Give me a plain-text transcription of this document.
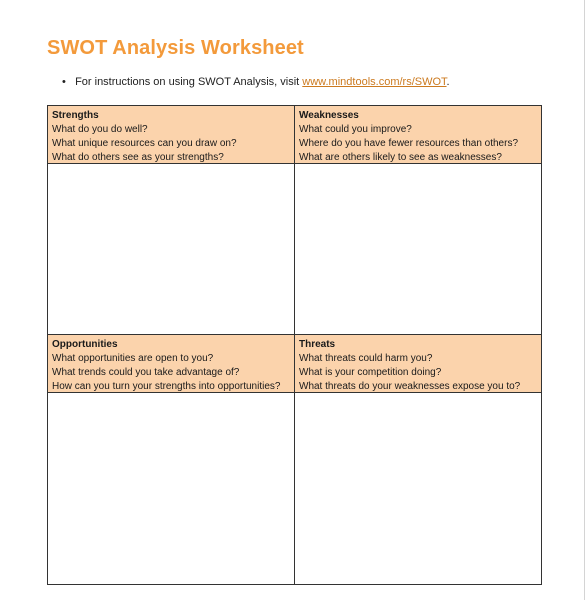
SWOT Analysis Worksheet
• For instructions on using SWOT Analysis, visit www.mindtools.com/rs/SWOT.
Strengths
What do you do well?
What unique resources can you draw on?
What do others see as your strengths?
Weaknesses
What could you improve?
Where do you have fewer resources than others?
What are others likely to see as weaknesses?
Opportunities
What opportunities are open to you?
What trends could you take advantage of?
How can you turn your strengths into opportunities?
Threats
What threats could harm you?
What is your competition doing?
What threats do your weaknesses expose you to?
